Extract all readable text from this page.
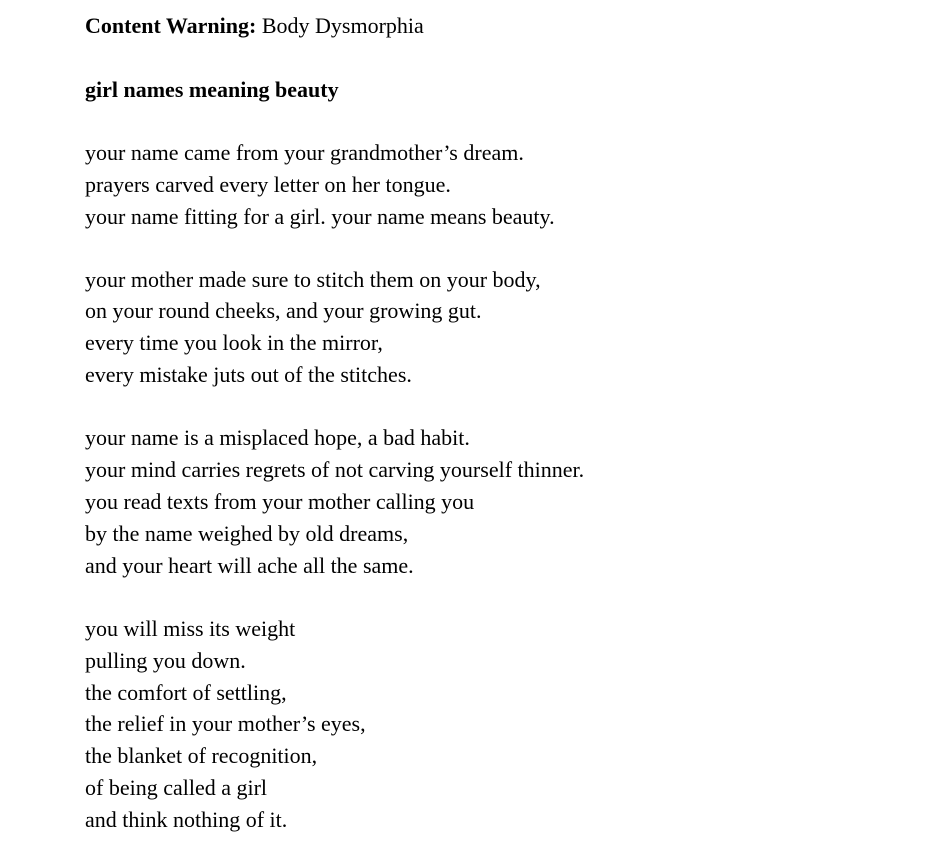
Content Warning: Body Dysmorphia
girl names meaning beauty
your name came from your grandmother’s dream.
prayers carved every letter on her tongue.
your name fitting for a girl. your name means beauty.
your mother made sure to stitch them on your body,
on your round cheeks, and your growing gut.
every time you look in the mirror,
every mistake juts out of the stitches.
your name is a misplaced hope, a bad habit.
your mind carries regrets of not carving yourself thinner.
you read texts from your mother calling you
by the name weighed by old dreams,
and your heart will ache all the same.
you will miss its weight
pulling you down.
the comfort of settling,
the relief in your mother’s eyes,
the blanket of recognition,
of being called a girl
and think nothing of it.
